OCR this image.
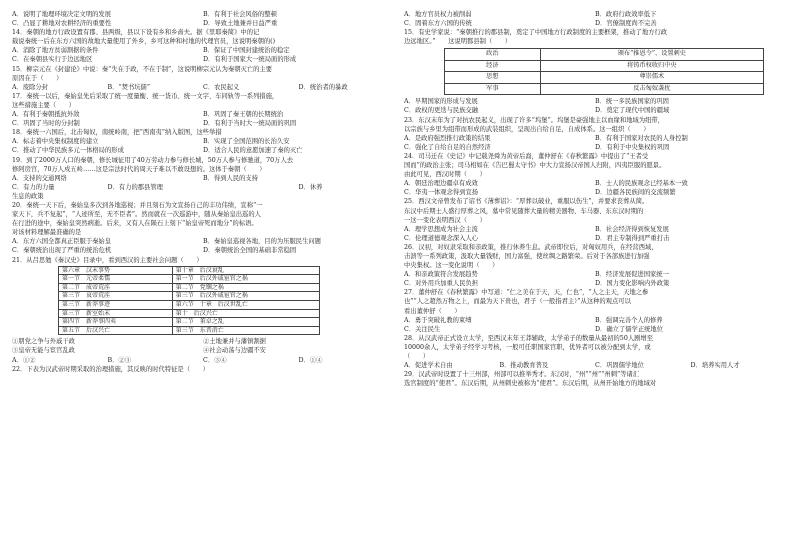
A．说明了地理环境决定文明的发展	B．有利于社会风俗的整顿
C．凸显了耕地对农耕经济的重要性	D．导致土地兼并日益严重
14．秦朝的地方行政设置有郡、县两级，县以下设有乡和乡啬夫。据《里耶秦简》中的记
载说秦统一后在东方六国的故地大量使用了外乡，乡可这种和村地的代理官员，这说明秦朝的()
A．消除了地方贫弱割据的条件	B．保证了中国封建统治的稳定
C．在秦朝县实行于边远地区	D．有利于国家大一统局面的形成
15．柳宗元在《封建论》中说：秦“失在于政，不在于制”，这说明柳宗元认为秦朝灭亡的主要
原因在于（　　）
A．废除分封	B．“焚书坑儒”	C．农民起义	D．统治者的暴政
17．秦统一以后，秦始皇先后采取了统一度量衡、统一货币、统一文字、车同轨等一系列措施，
这些措施主要（　　）
A．有利于秦朝抵抗外敌	B．巩固了秦王朝的长期统治
C．巩固了当时的分封制	D．有利于当时大一统局面的巩固
18．秦统一六国后，北击匈奴，南统岭南，把“西南夷”纳入版图，这些举措
A．标志着中央集权制度的建立	B．实现了全国范围的长治久安
C．推动了中华民族多元一体格局的形成	D．适合人民的意愿加速了秦的灭亡
19．到了2000万人口的秦朝，修长城征用了40万劳动力参与修长城，50万人参与修驰道，70万人去
修阿房宫，70万人戍五岭……这是宗法时代的周天子难以不敢设想的。这体于秦朝（　　）
A．支持的交通网络	B．得到人民的支持
C．有力的力量	D．有力的郡县管理	D．休养
生息的政策
20．秦统一天下后，秦始皇多次到各地巡视；并且刻石为文宣扬自己的丰功伟绩，宣称“一
家天下，兵不复起”，“人迹所至，无不臣者”。然而就在一次巡游中，随从秦始皇出巡的人
在行进的途中，秦始皇突然病逝。后来，又有人在陨石上刻下“始皇帝死而地分”的标语。
对该材料理解最准确的是
A．东方六国全都真正臣服于秦始皇	B．秦始皇巡视各地，目的为压服民生问题
C．秦朝统治出现了严重的统治危机	D．秦朝统治全国的基础非常稳固
21．从吕思勉《秦汉史》目录中，看到西汉的主要社会问题（　　）
第六章　汉末事势	第十章　后汉衰乱
第一节　元帝柔懦	第一节　后汉外戚宦官之祸
第二节　成帝荒淫	第二节　党锢之祸
第三节　哀帝荒淫	第三节　后汉外戚宦官之祸
第三节　新莽事迹	第六节　十章　后汉世乱亡
第三节　新室始末	第十　后汉兴亡
第四节　新莽事四夷	第二节　董卓之乱
第五节　后汉兴亡	第三节　东晋消亡
①朋党之争与外戚干政	②土地兼并与藩镇割据
③皇帝无能与宦官乱政	④社会动荡与边疆不安
A．①②	B．②③	C．③④	D．①④
22．下表为汉武帝时期采取的治理措施，其反映的时代特征是（　　）
A．地方官员权力被削弱	B．政府行政效率低下
C．固着东方六国的传统	D．官僚制度尚不完善
15．有史学家说：“秦朝推行的郡县制，奠定了中国地方行政制度的主要框架，推动了地方行政
边远地区。”　　这说明郡县制（　　）
政治	颁布“推恩令”、设置刺史
经济	将铸币权收归中央
思想	尊崇儒术
军事	反击匈奴袭扰
A．早期国家的形成与发展	B．统一多民族国家的巩固
C．政权的更迭与民族交融	D．奠定了现代中国的疆域
23．东汉末年为了对抗农民起义，出现了许多“坞堡”。坞堡是豪强地主以血缘和地域为纽带，
以宗族与乡里为组带而形成的武装组织，呈现出自给自足，自成体系。这一组织（　　）
A．是政府强烈推行政策的结果	B．有利于国家对农民的人身控制
C．强化了自给自足的自然经济	D．有利于中央集权的巩固
24．司马迁在《史记》中记载尧舜为黄帝后裔，董仲舒在《春秋繁露》中提出了“王者受
国而”的政治主张；司马相如在《告巴蜀太守书》中大力宣扬汉帝国人归附，四夷臣服的愿景。
由此可见，西汉时期（　　）
A．朝廷治理边疆卓有成效	B．士人的民族观念已经基本一致
C．华夷一体观念得到宣扬	D．边疆各民族间的交流频繁
25．西汉文帝曾发布了诏书《薄葬诏》：“厚葬以破业，重服以伤生”，并要求丧葬从简。
东汉中后期士人盛行厚葬之风，墓中常见随葬大量的精美器物、车马器、东东汉时期的
一这一变化表明西汉（　　）
A．理学思想成为社会主流	B．社会经济得到恢复发展
C．伦理道德观念深入人心	D．君主专制得到严重打击
26．汉初，对奴隶采取和亲政策，推行休养生息。武帝即位后，对匈奴用兵，在经营西域，
击溃等一系列政策，汲取大量钱财，国力富强，使丝绸之路繁荣。后对于各部族进行加强
中央集权。这一变化说明（　　）
A．和亲政策符合发展趋势	B．经济发展促进国家统一
C．对外用兵加重人民负担	D．国力变化影响内外政策
27．董仲舒在《春秋繁露》中写道：“仁之美在于天，天，仁也”，“人之主天，天地之参
也”“人之超然万物之上，而最为天下贵也，君子（一般指君主）”从这种的观点可以
看出董仲舒（　　）
A．勇于突破礼教的束缚	B．强调完善个人的修养
C．关注民生	D．确立了儒学正统地位
28．从汉武帝正式设立太学，至西汉末年王莽辅政，太学弟子的数量从最初的50人剧增至
10000余人，太学弟子经学习考核，一般可任职国家官职，优异者可以被分配到太学，或
（　　）
A．促进学术自由	B．推动教育普及	C．巩固儒学地位	D．培养实用人才
29．汉武帝时设置了十三州部，州部可以推举秀才。东汉时，“州”“州”“州刺”等诸汇
选官制度的“使君”。东汉后期，从州刺史被称为“使君”。东汉后期，从州开始地方的地域对
